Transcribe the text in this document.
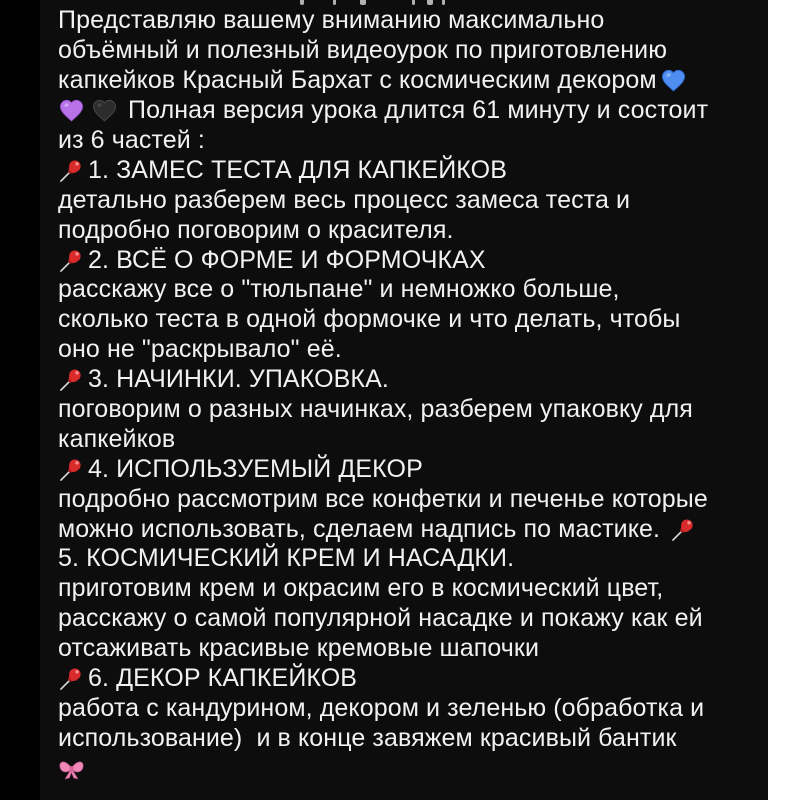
Представляю вашему вниманию максимально
объёмный и полезный видеоурок по приготовлению
капкейков Красный Бархат с космическим декором
Полная версия урока длится 61 минуту и состоит
из 6 частей :
1. ЗАМЕС ТЕСТА ДЛЯ КАПКЕЙКОВ
детально разберем весь процесс замеса теста и
подробно поговорим о красителя.
2. ВСЁ О ФОРМЕ И ФОРМОЧКАХ
расскажу все о "тюльпане" и немножко больше,
сколько теста в одной формочке и что делать, чтобы
оно не "раскрывало" её.
3. НАЧИНКИ. УПАКОВКА.
поговорим о разных начинках, разберем упаковку для
капкейков
4. ИСПОЛЬЗУЕМЫЙ ДЕКОР
подробно рассмотрим все конфетки и печенье которые
можно использовать, сделаем надпись по мастике.
5. КОСМИЧЕСКИЙ КРЕМ И НАСАДКИ.
приготовим крем и окрасим его в космический цвет,
расскажу о самой популярной насадке и покажу как ей
отсаживать красивые кремовые шапочки
6. ДЕКОР КАПКЕЙКОВ
работа с кандурином, декором и зеленью (обработка и
использование)  и в конце завяжем красивый бантик
